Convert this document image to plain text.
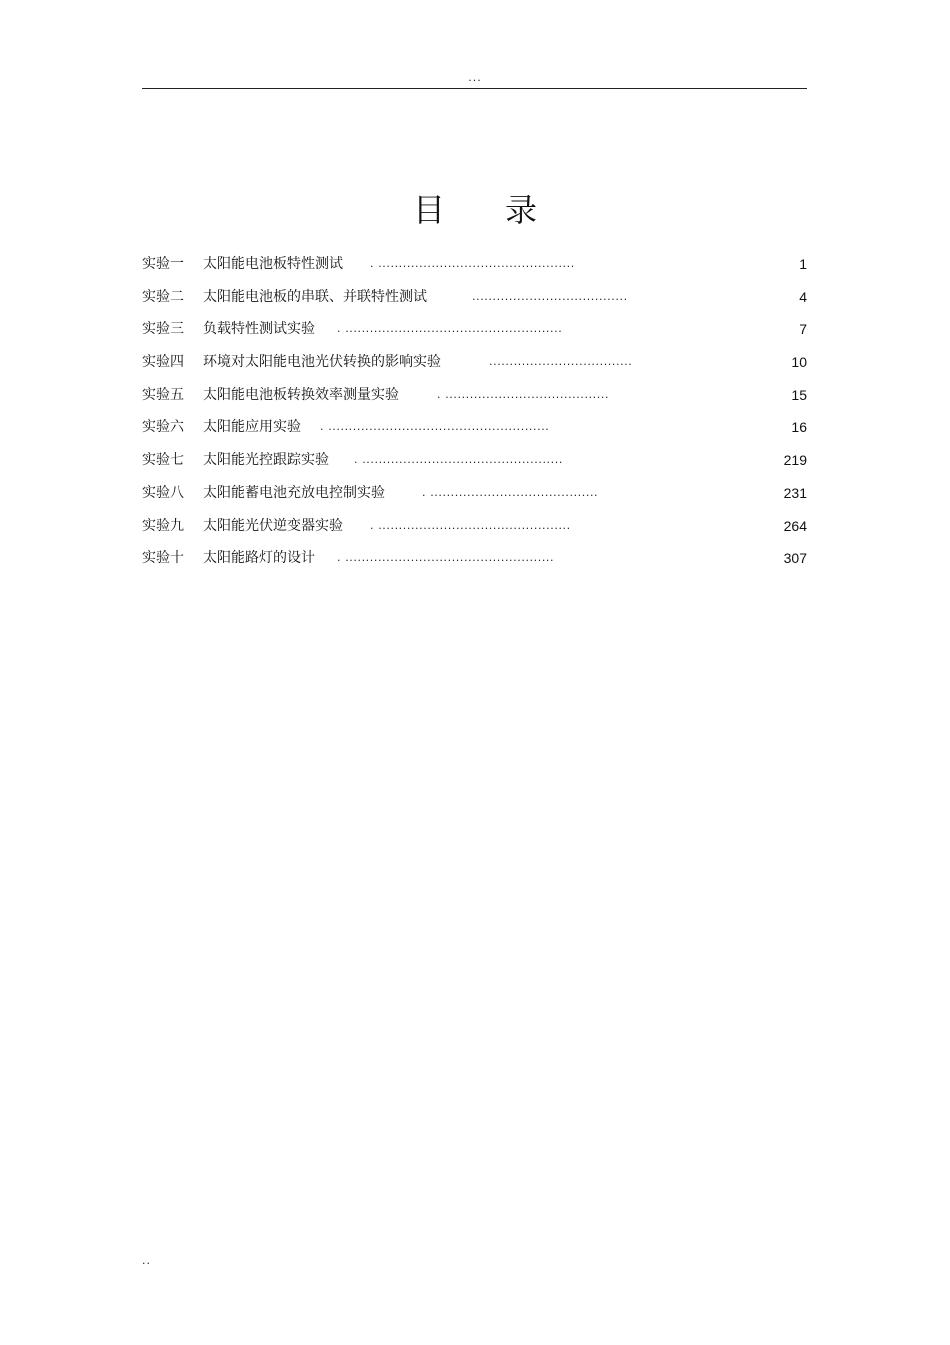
...
目录
实验一 太阳能电池板特性测试 . ................................................	1
实验二 太阳能电池板的串联、并联特性测试	......................................	4
实验三 负载特性测试实验 . .....................................................	7
实验四 环境对太阳能电池光伏转换的影响实验	...................................	10
实验五 太阳能电池板转换效率测量实验	. ........................................	15
实验六 太阳能应用实验 . ......................................................	16
实验七 太阳能光控跟踪实验 . .................................................	219
实验八 太阳能蓄电池充放电控制实验	. .........................................	231
实验九 太阳能光伏逆变器实验 . ...............................................	264
实验十 太阳能路灯的设计 . ...................................................	307
..
